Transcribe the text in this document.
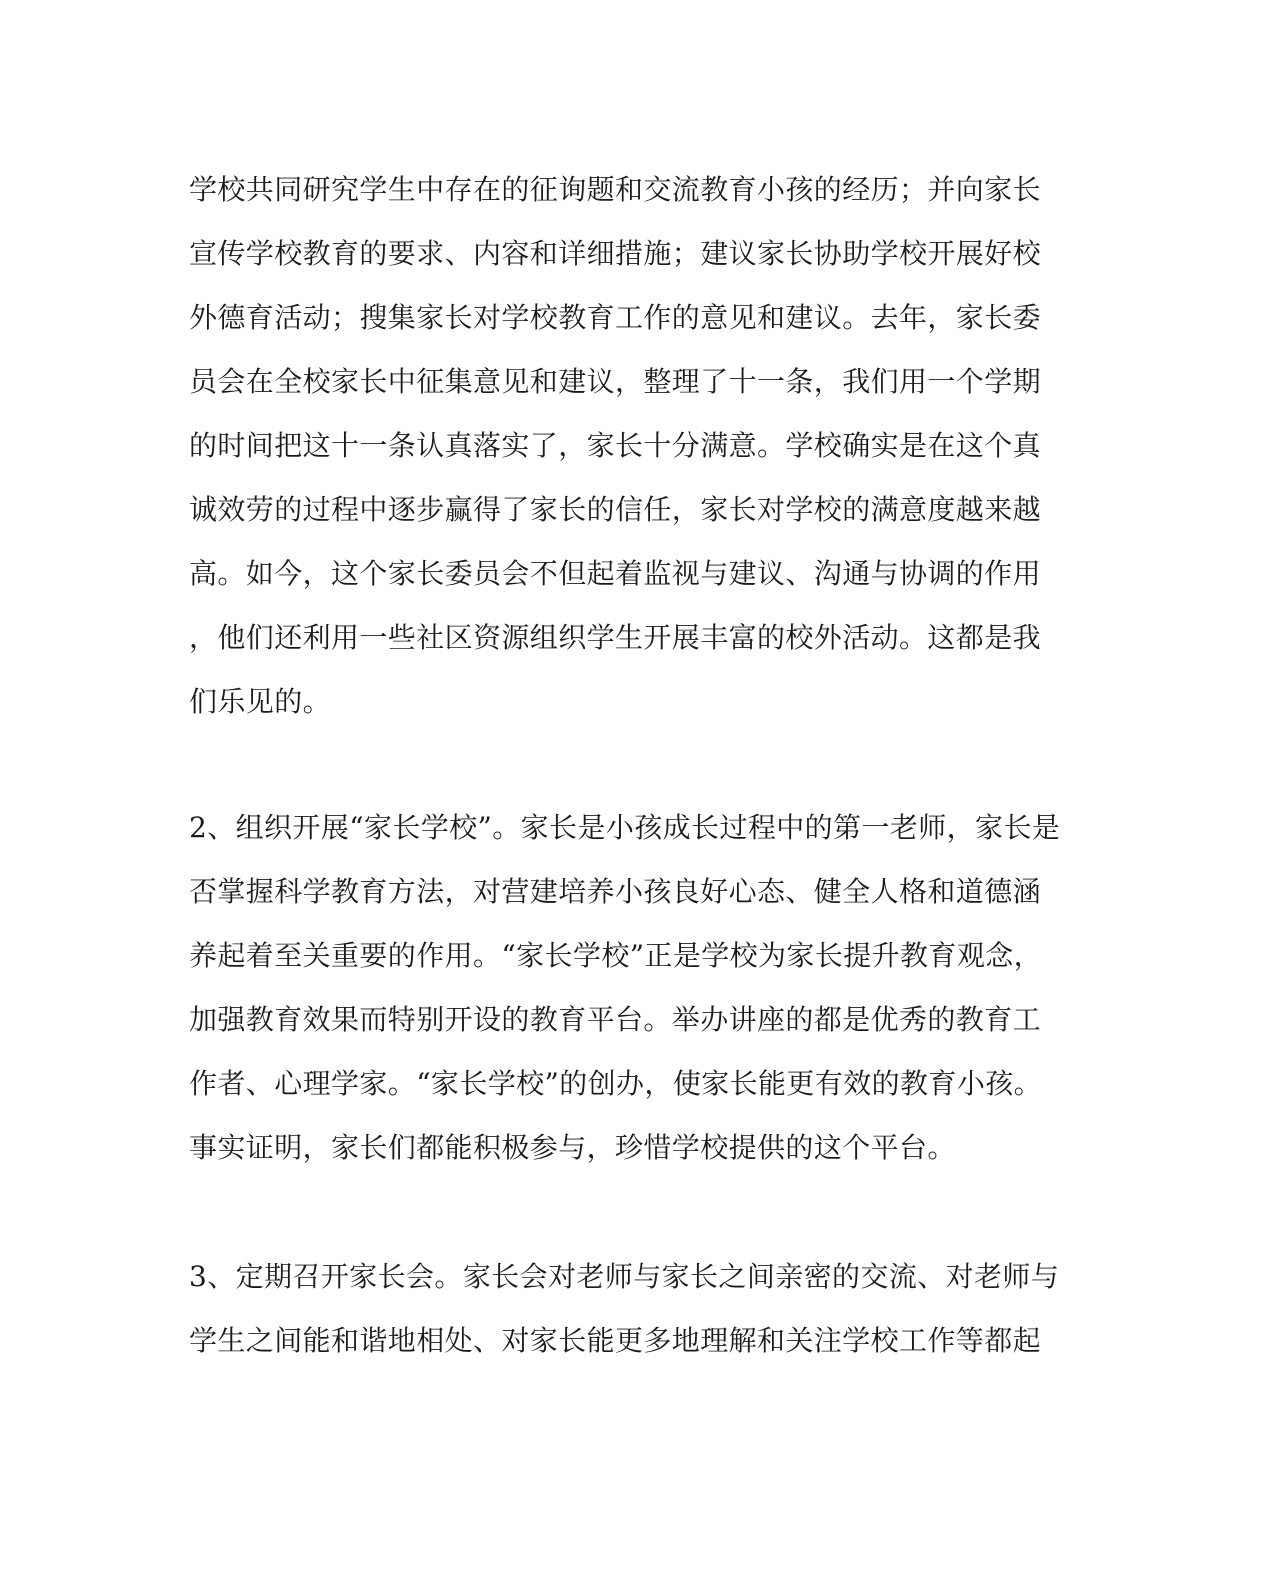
学校共同研究学生中存在的征询题和交流教育小孩的经历；并向家长
宣传学校教育的要求、内容和详细措施；建议家长协助学校开展好校
外德育活动；搜集家长对学校教育工作的意见和建议。去年，家长委
员会在全校家长中征集意见和建议，整理了十一条，我们用一个学期
的时间把这十一条认真落实了，家长十分满意。学校确实是在这个真
诚效劳的过程中逐步赢得了家长的信任，家长对学校的满意度越来越
高。如今，这个家长委员会不但起着监视与建议、沟通与协调的作用
，他们还利用一些社区资源组织学生开展丰富的校外活动。这都是我
们乐见的。
2、组织开展“家长学校”。家长是小孩成长过程中的第一老师，家长是
否掌握科学教育方法，对营建培养小孩良好心态、健全人格和道德涵
养起着至关重要的作用。“家长学校”正是学校为家长提升教育观念，
加强教育效果而特别开设的教育平台。举办讲座的都是优秀的教育工
作者、心理学家。“家长学校”的创办，使家长能更有效的教育小孩。
事实证明，家长们都能积极参与，珍惜学校提供的这个平台。
3、定期召开家长会。家长会对老师与家长之间亲密的交流、对老师与
学生之间能和谐地相处、对家长能更多地理解和关注学校工作等都起
